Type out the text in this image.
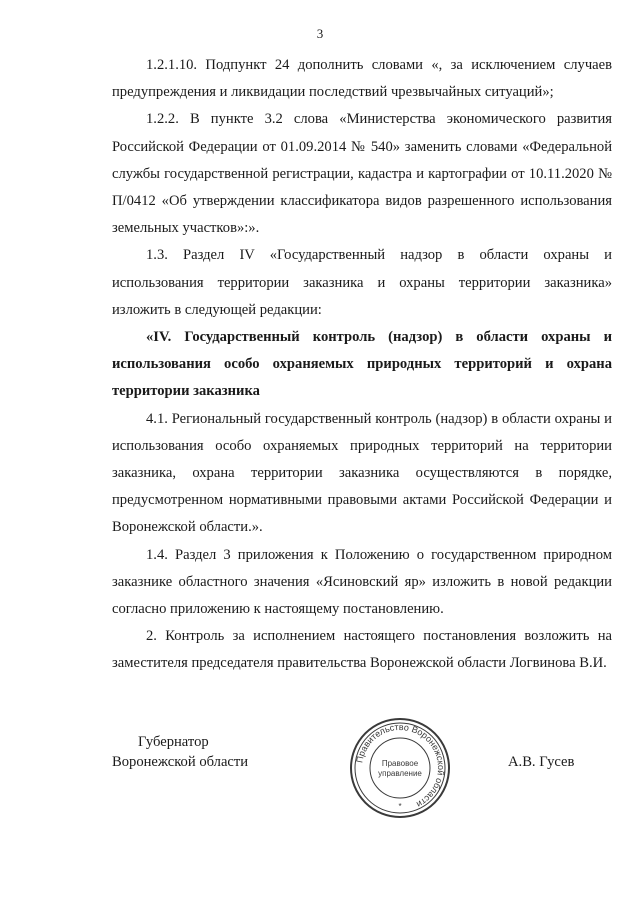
3

1.2.1.10. Подпункт 24 дополнить словами «, за исключением случаев предупреждения и ликвидации последствий чрезвычайных ситуаций»;

1.2.2. В пункте 3.2 слова «Министерства экономического развития Российской Федерации от 01.09.2014 № 540» заменить словами «Федеральной службы государственной регистрации, кадастра и картографии от 10.11.2020 № П/0412 «Об утверждении классификатора видов разрешенного использования земельных участков»:».

1.3. Раздел IV «Государственный надзор в области охраны и использования территории заказника и охраны территории заказника» изложить в следующей редакции:

«IV. Государственный контроль (надзор) в области охраны и использования особо охраняемых природных территорий и охрана территории заказника

4.1. Региональный государственный контроль (надзор) в области охраны и использования особо охраняемых природных территорий на территории заказника, охрана территории заказника осуществляются в порядке, предусмотренном нормативными правовыми актами Российской Федерации и Воронежской области.».

1.4. Раздел 3 приложения к Положению о государственном природном заказнике областного значения «Ясиновский яр» изложить в новой редакции согласно приложению к настоящему постановлению.

2. Контроль за исполнением настоящего постановления возложить на заместителя председателя правительства Воронежской области Логвинова В.И.

Губернатор
Воронежской области	Правительство Воронежской области
Правовое
управление
*
А.В. Гусев
